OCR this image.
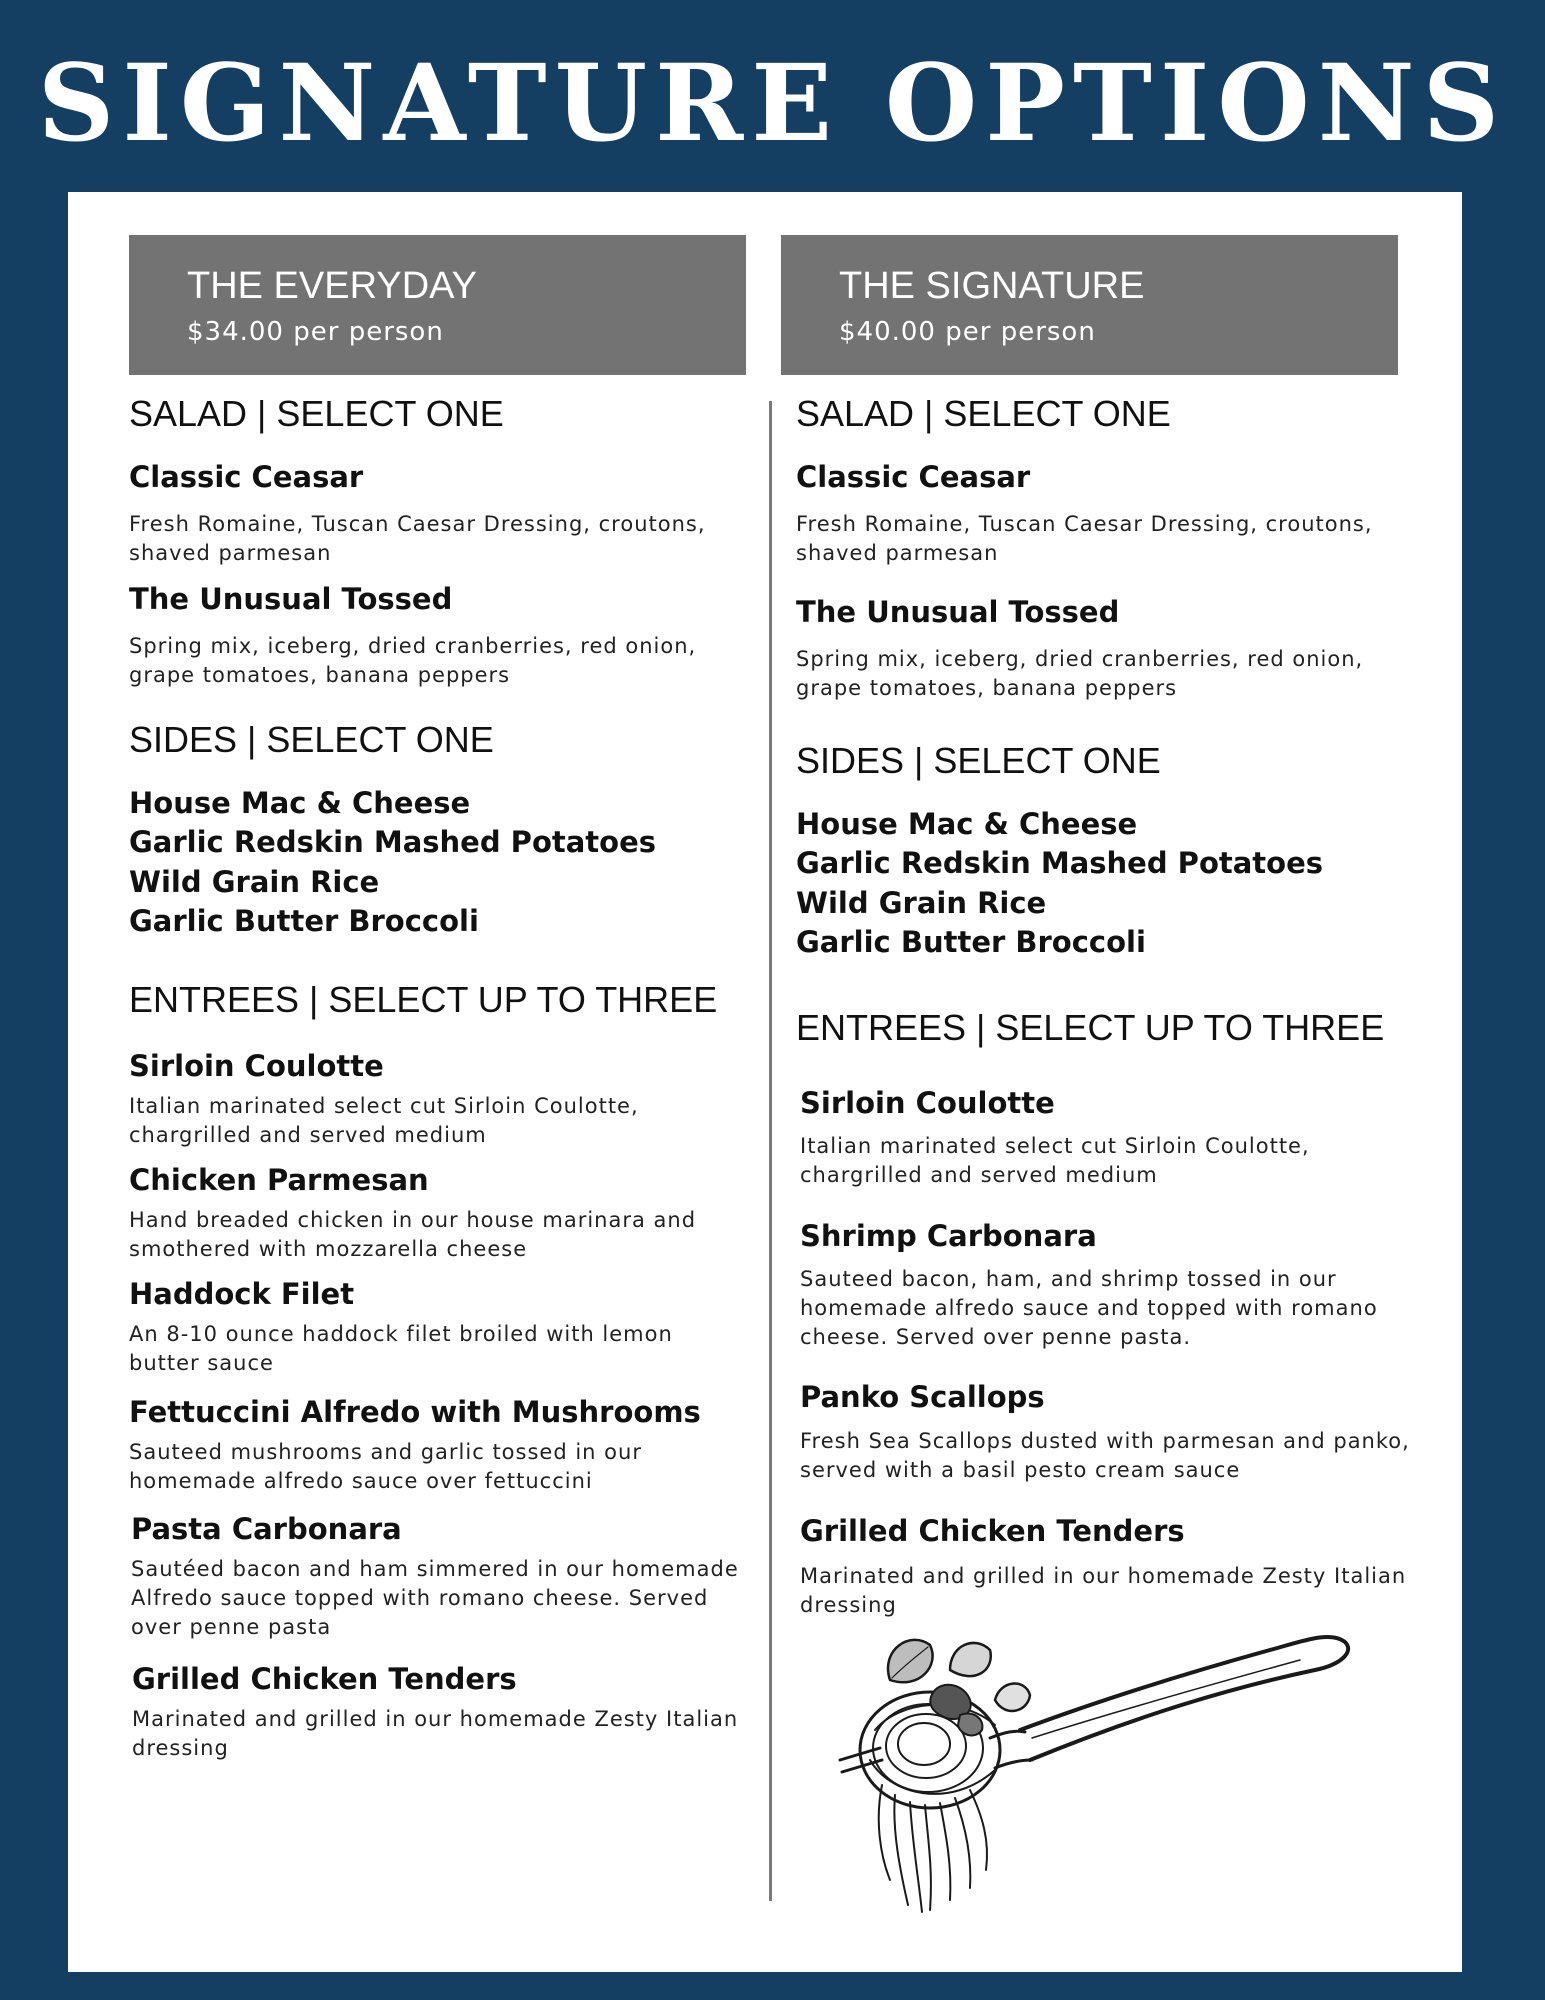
SIGNATURE OPTIONS
THE EVERYDAY
$34.00 per person
SALAD | SELECT ONE
Classic Ceasar
Fresh Romaine, Tuscan Caesar Dressing, croutons, shaved parmesan
The Unusual Tossed
Spring mix, iceberg, dried cranberries, red onion, grape tomatoes, banana peppers
SIDES | SELECT ONE
House Mac & Cheese
Garlic Redskin Mashed Potatoes
Wild Grain Rice
Garlic Butter Broccoli
ENTREES | SELECT UP TO THREE
Sirloin Coulotte
Italian marinated select cut Sirloin Coulotte, chargrilled and served medium
Chicken Parmesan
Hand breaded chicken in our house marinara and smothered with mozzarella cheese
Haddock Filet
An 8-10 ounce haddock filet broiled with lemon butter sauce
Fettuccini Alfredo with Mushrooms
Sauteed mushrooms and garlic tossed in our homemade alfredo sauce over fettuccini
Pasta Carbonara
Sautéed bacon and ham simmered in our homemade Alfredo sauce topped with romano cheese. Served over penne pasta
Grilled Chicken Tenders
Marinated and grilled in our homemade Zesty Italian dressing
THE SIGNATURE
$40.00 per person
SALAD | SELECT ONE
Classic Ceasar
Fresh Romaine, Tuscan Caesar Dressing, croutons, shaved parmesan
The Unusual Tossed
Spring mix, iceberg, dried cranberries, red onion, grape tomatoes, banana peppers
SIDES | SELECT ONE
House Mac & Cheese
Garlic Redskin Mashed Potatoes
Wild Grain Rice
Garlic Butter Broccoli
ENTREES | SELECT UP TO THREE
Sirloin Coulotte
Italian marinated select cut Sirloin Coulotte, chargrilled and served medium
Shrimp Carbonara
Sauteed bacon, ham, and shrimp tossed in our homemade alfredo sauce and topped with romano cheese. Served over penne pasta.
Panko Scallops
Fresh Sea Scallops dusted with parmesan and panko, served with a basil pesto cream sauce
Grilled Chicken Tenders
Marinated and grilled in our homemade Zesty Italian dressing
